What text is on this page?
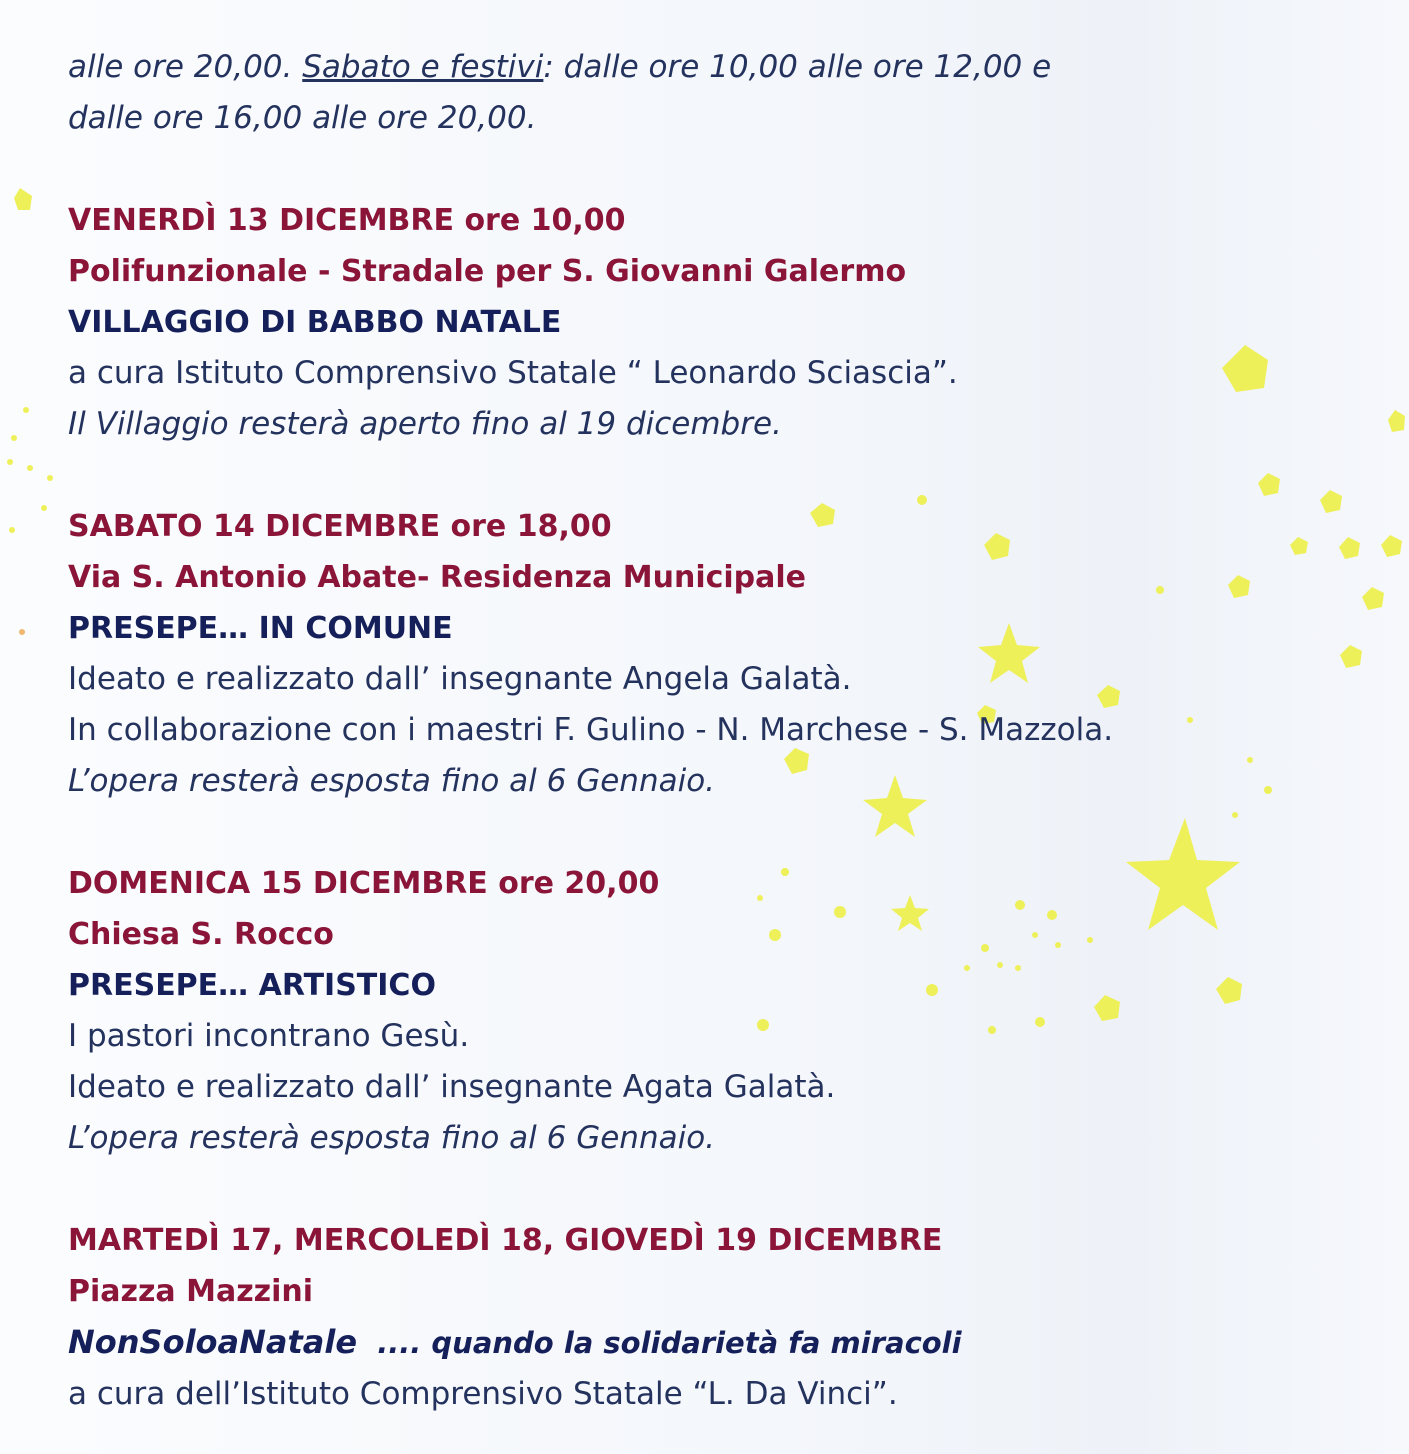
alle ore 20,00. Sabato e festivi: dalle ore 10,00 alle ore 12,00 e
dalle ore 16,00 alle ore 20,00.
VENERDÌ 13 DICEMBRE ore 10,00
Polifunzionale - Stradale per S. Giovanni Galermo
VILLAGGIO DI BABBO NATALE
a cura Istituto Comprensivo Statale “ Leonardo Sciascia”.
Il Villaggio resterà aperto fino al 19 dicembre.
SABATO 14 DICEMBRE ore 18,00
Via S. Antonio Abate- Residenza Municipale
PRESEPE… IN COMUNE
Ideato e realizzato dall’ insegnante Angela Galatà.
In collaborazione con i maestri F. Gulino - N. Marchese - S. Mazzola.
L’opera resterà esposta fino al 6 Gennaio.
DOMENICA 15 DICEMBRE ore 20,00
Chiesa S. Rocco
PRESEPE… ARTISTICO
I pastori incontrano Gesù.
Ideato e realizzato dall’ insegnante Agata Galatà.
L’opera resterà esposta fino al 6 Gennaio.
MARTEDÌ 17, MERCOLEDÌ 18, GIOVEDÌ 19 DICEMBRE
Piazza Mazzini
NonSoloaNatale  .... quando la solidarietà fa miracoli
a cura dell’Istituto Comprensivo Statale “L. Da Vinci”.
